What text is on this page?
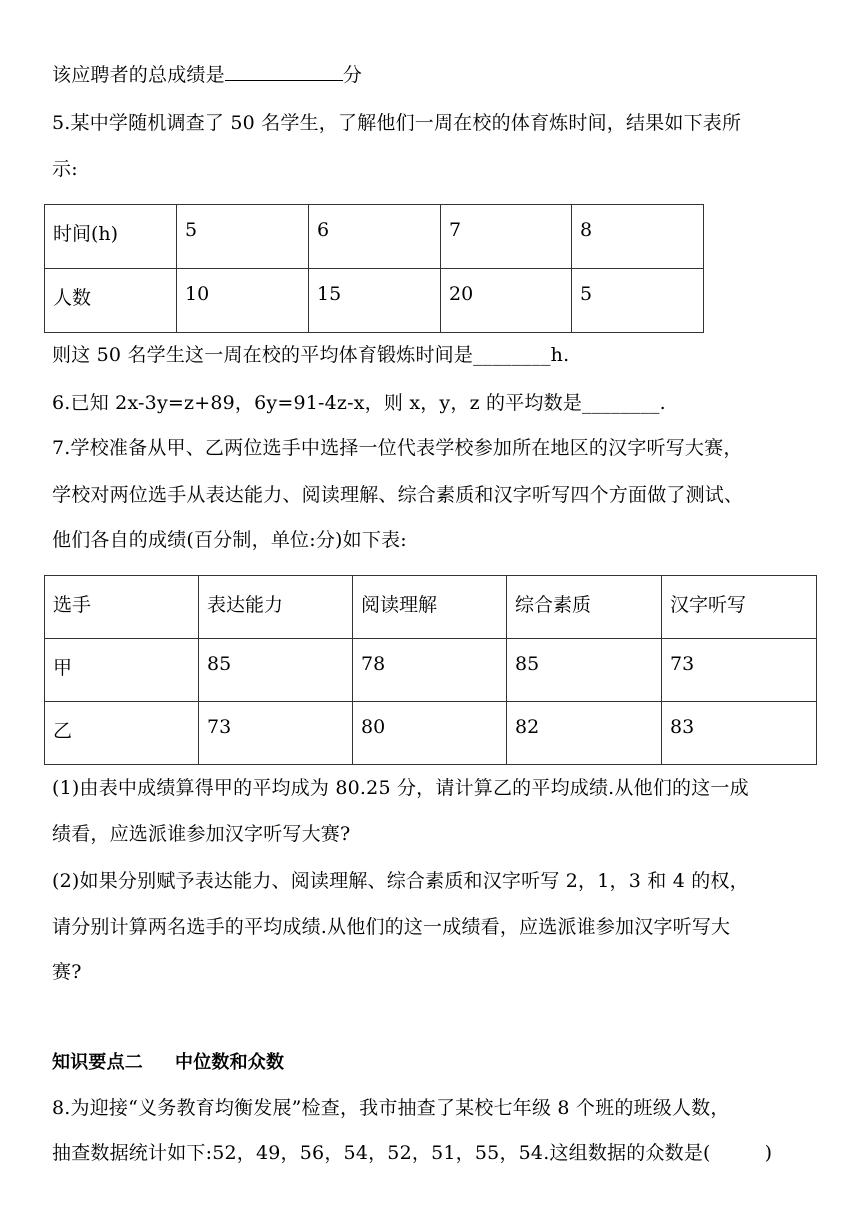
该应聘者的总成绩是	分
5.某中学随机调查了 50 名学生，了解他们一周在校的体育炼时间，结果如下表所
示:
时间(h)	5	6	7	8
人数	10	15	20	5
则这 50 名学生这一周在校的平均体育锻炼时间是________h.
6.已知 2x-3y=z+89，6y=91-4z-x，则 x，y，z 的平均数是________.
7.学校准备从甲、乙两位选手中选择一位代表学校参加所在地区的汉字听写大赛，
学校对两位选手从表达能力、阅读理解、综合素质和汉字听写四个方面做了测试、
他们各自的成绩(百分制，单位:分)如下表:
选手	表达能力	阅读理解	综合素质	汉字听写
甲	85	78	85	73
乙	73	80	82	83
(1)由表中成绩算得甲的平均成为 80.25 分，请计算乙的平均成绩.从他们的这一成
绩看，应选派谁参加汉字听写大赛?
(2)如果分别赋予表达能力、阅读理解、综合素质和汉字听写 2，1，3 和 4 的权，
请分别计算两名选手的平均成绩.从他们的这一成绩看，应选派谁参加汉字听写大
赛?
知识要点二 中位数和众数
8.为迎接“义务教育均衡发展”检查，我市抽查了某校七年级 8 个班的班级人数，
抽查数据统计如下:52，49，56，54，52，51，55，54.这组数据的众数是(	)
